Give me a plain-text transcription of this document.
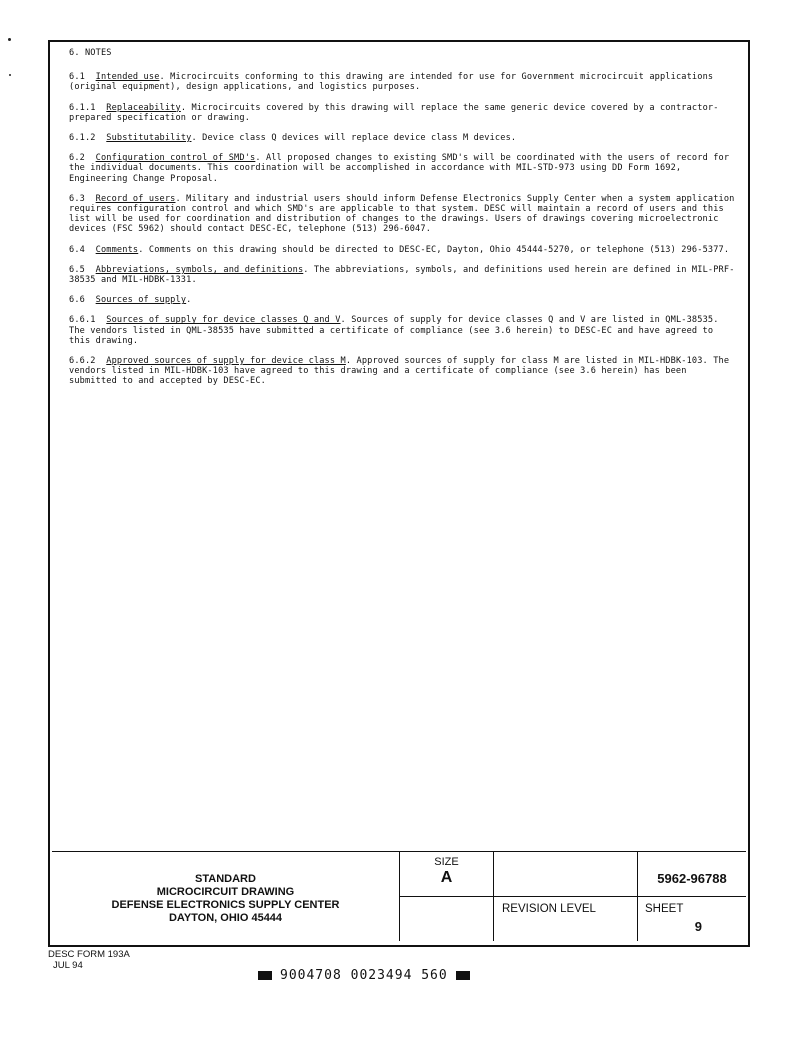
6. NOTES

6.1 Intended use. Microcircuits conforming to this drawing are intended for use for Government microcircuit applications (original equipment), design applications, and logistics purposes.

6.1.1 Replaceability. Microcircuits covered by this drawing will replace the same generic device covered by a contractor-prepared specification or drawing.

6.1.2 Substitutability. Device class Q devices will replace device class M devices.

6.2 Configuration control of SMD's. All proposed changes to existing SMD's will be coordinated with the users of record for the individual documents. This coordination will be accomplished in accordance with MIL-STD-973 using DD Form 1692, Engineering Change Proposal.

6.3 Record of users. Military and industrial users should inform Defense Electronics Supply Center when a system application requires configuration control and which SMD's are applicable to that system. DESC will maintain a record of users and this list will be used for coordination and distribution of changes to the drawings. Users of drawings covering microelectronic devices (FSC 5962) should contact DESC-EC, telephone (513) 296-6047.

6.4 Comments. Comments on this drawing should be directed to DESC-EC, Dayton, Ohio 45444-5270, or telephone (513) 296-5377.

6.5 Abbreviations, symbols, and definitions. The abbreviations, symbols, and definitions used herein are defined in MIL-PRF-38535 and MIL-HDBK-1331.

6.6 Sources of supply.

6.6.1 Sources of supply for device classes Q and V. Sources of supply for device classes Q and V are listed in QML-38535. The vendors listed in QML-38535 have submitted a certificate of compliance (see 3.6 herein) to DESC-EC and have agreed to this drawing.

6.6.2 Approved sources of supply for device class M. Approved sources of supply for class M are listed in MIL-HDBK-103. The vendors listed in MIL-HDBK-103 have agreed to this drawing and a certificate of compliance (see 3.6 herein) has been submitted to and accepted by DESC-EC.

STANDARD
MICROCIRCUIT DRAWING
DEFENSE ELECTRONICS SUPPLY CENTER
DAYTON, OHIO 45444
SIZE
A	5962-96788
REVISION LEVEL	SHEET
9
DESC FORM 193A
JUL 94
9004708 0023494 560
